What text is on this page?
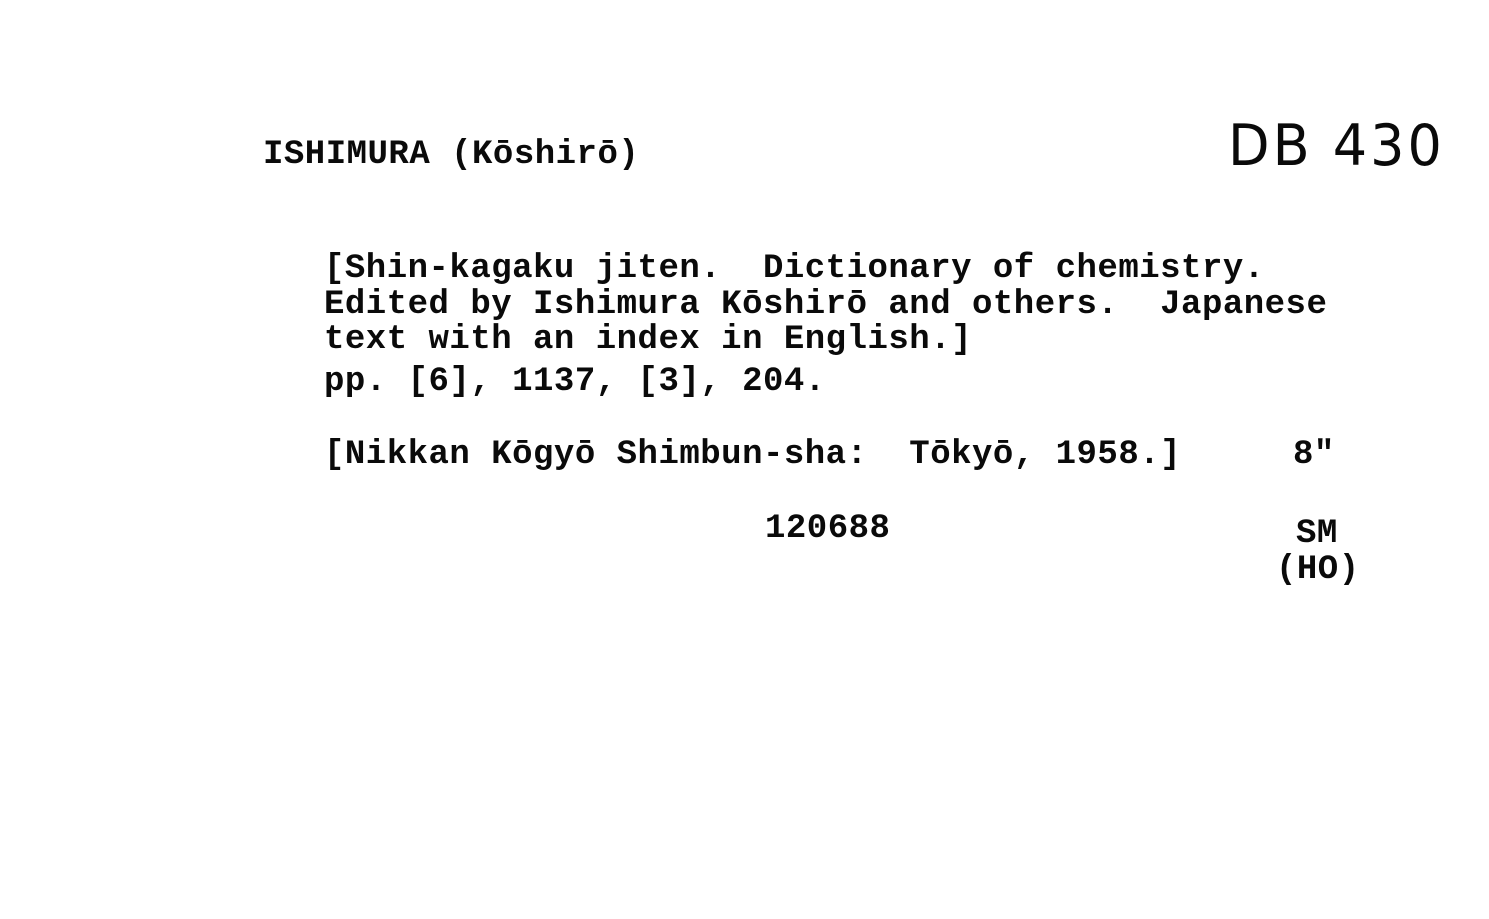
ISHIMURA (Kōshirō)	DB 430
[Shin-kagaku jiten.  Dictionary of chemistry.
Edited by Ishimura Kōshirō and others.  Japanese
text with an index in English.]
pp. [6], 1137, [3], 204.
[Nikkan Kōgyō Shimbun-sha:  Tōkyō, 1958.]	8"
120688	SM
(HO)
